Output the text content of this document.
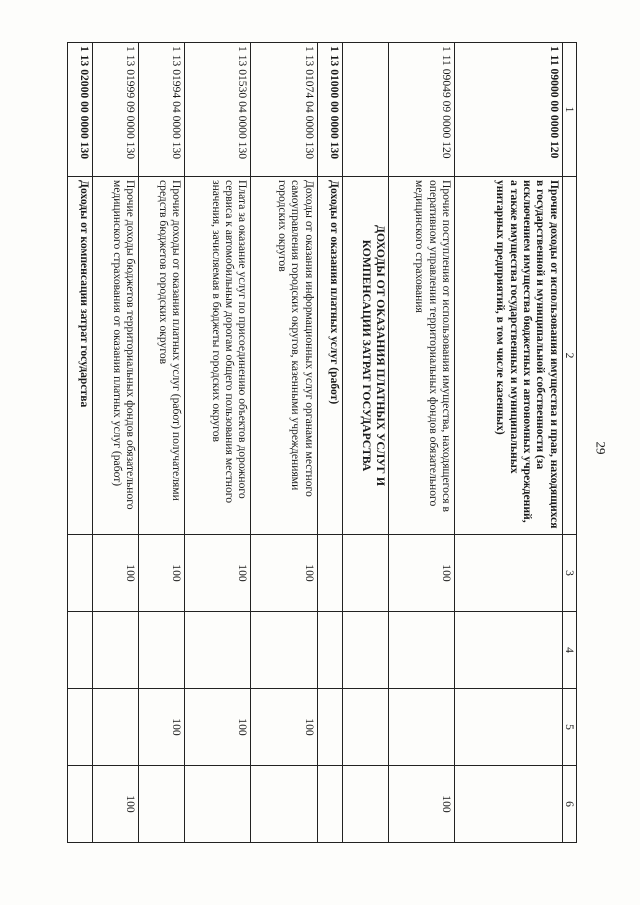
29
1	2	3	4	5	6
1 11 09000 00 0000 120	Прочие доходы от использования имущества и прав, находящихся в государственной и муниципальной собственности (за исключением имущества бюджетных и автономных учреждений, а также имущества государственных и муниципальных унитарных предприятий, в том числе казенных)				
1 11 09049 09 0000 120	Прочие поступления от использования имущества, находящегося в оперативном управлении территориальных фондов обязательного медицинского страхования	100			100
	ДОХОДЫ ОТ ОКАЗАНИЯ ПЛАТНЫХ УСЛУГ И КОМПЕНСАЦИИ ЗАТРАТ ГОСУДАРСТВА				
1 13 01000 00 0000 130	Доходы от оказания платных услуг (работ)				
1 13 01074 04 0000 130	Доходы от оказания информационных услуг органами местного самоуправления городских округов, казенными учреждениями городских округов	100		100	
1 13 01530 04 0000 130	Плата за оказание услуг по присоединению объектов дорожного сервиса к автомобильным дорогам общего пользования местного значения, зачисляемая в бюджеты городских округов	100		100	
1 13 01994 04 0000 130	Прочие доходы от оказания платных услуг (работ) получателями средств бюджетов городских округов	100		100	
1 13 01999 09 0000 130	Прочие доходы бюджетов территориальных фондов обязательного медицинского страхования от оказания платных услуг (работ)	100			100
1 13 02000 00 0000 130	Доходы от компенсации затрат государства				
